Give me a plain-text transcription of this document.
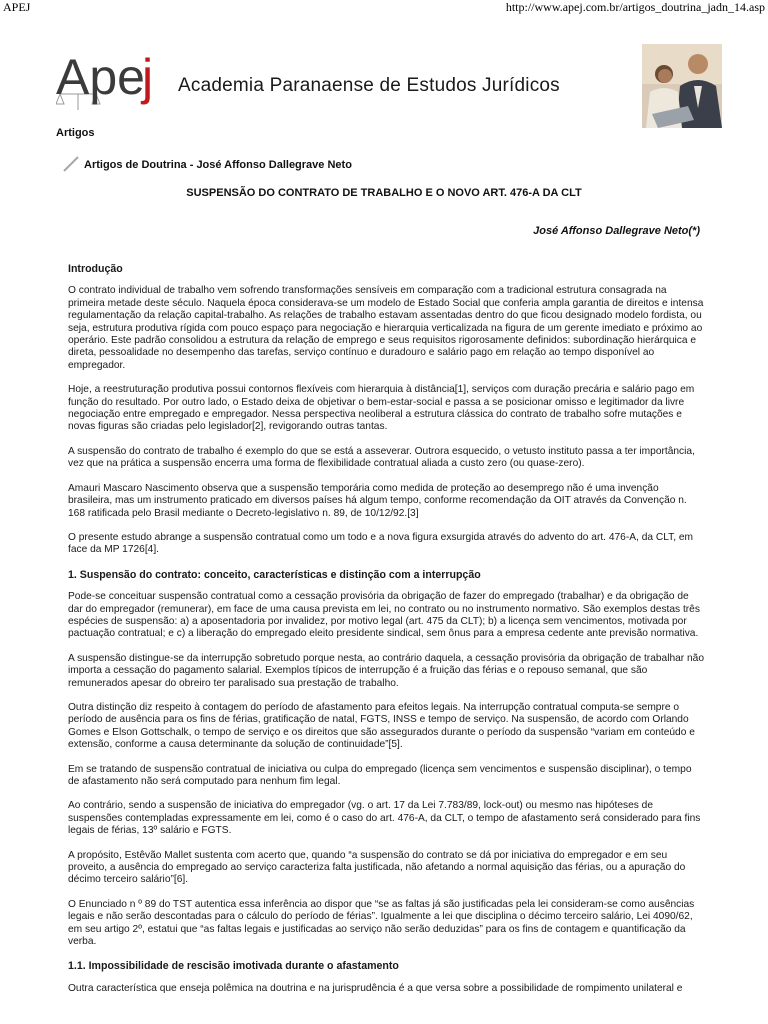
APEJ	http://www.apej.com.br/artigos_doutrina_jadn_14.asp
Ape
j Academia Paranaense de Estudos Jurídicos
Artigos
Artigos de Doutrina - José Affonso Dallegrave Neto
SUSPENSÃO DO CONTRATO DE TRABALHO E O NOVO ART. 476-A DA CLT
José Affonso Dallegrave Neto(*)
Introdução

O contrato individual de trabalho vem sofrendo transformações sensíveis em comparação com a tradicional estrutura consagrada na primeira metade deste século. Naquela época considerava-se um modelo de Estado Social que conferia ampla garantia de direitos e intensa regulamentação da relação capital-trabalho. As relações de trabalho estavam assentadas dentro do que ficou designado modelo fordista, ou seja, estrutura produtiva rígida com pouco espaço para negociação e hierarquia verticalizada na figura de um gerente imediato e próximo ao operário. Este padrão consolidou a estrutura da relação de emprego e seus requisitos rigorosamente definidos: subordinação hierárquica e direta, pessoalidade no desempenho das tarefas, serviço contínuo e duradouro e salário pago em relação ao tempo disponível ao empregador.

Hoje, a reestruturação produtiva possui contornos flexíveis com hierarquia à distância[1], serviços com duração precária e salário pago em função do resultado. Por outro lado, o Estado deixa de objetivar o bem-estar-social e passa a se posicionar omisso e legitimador da livre negociação entre empregado e empregador. Nessa perspectiva neoliberal a estrutura clássica do contrato de trabalho sofre mutações e novas figuras são criadas pelo legislador[2], revigorando outras tantas.

A suspensão do contrato de trabalho é exemplo do que se está a asseverar. Outrora esquecido, o vetusto instituto passa a ter importância, vez que na prática a suspensão encerra uma forma de flexibilidade contratual aliada a custo zero (ou quase-zero).

Amauri Mascaro Nascimento observa que a suspensão temporária como medida de proteção ao desemprego não é uma invenção brasileira, mas um instrumento praticado em diversos países há algum tempo, conforme recomendação da OIT através da Convenção n. 168 ratificada pelo Brasil mediante o Decreto-legislativo n. 89, de 10/12/92.[3]

O presente estudo abrange a suspensão contratual como um todo e a nova figura exsurgida através do advento do art. 476-A, da CLT, em face da MP 1726[4].

1. Suspensão do contrato: conceito, características e distinção com a interrupção

Pode-se conceituar suspensão contratual como a cessação provisória da obrigação de fazer do empregado (trabalhar) e da obrigação de dar do empregador (remunerar), em face de uma causa prevista em lei, no contrato ou no instrumento normativo. São exemplos destas três espécies de suspensão: a) a aposentadoria por invalidez, por motivo legal (art. 475 da CLT); b) a licença sem vencimentos, motivada por pactuação contratual; e c) a liberação do empregado eleito presidente sindical, sem ônus para a empresa cedente ante previsão normativa.

A suspensão distingue-se da interrupção sobretudo porque nesta, ao contrário daquela, a cessação provisória da obrigação de trabalhar não importa a cessação do pagamento salarial. Exemplos típicos de interrupção é a fruição das férias e o repouso semanal, que são remunerados apesar do obreiro ter paralisado sua prestação de trabalho.

Outra distinção diz respeito à contagem do período de afastamento para efeitos legais. Na interrupção contratual computa-se sempre o período de ausência para os fins de férias, gratificação de natal, FGTS, INSS e tempo de serviço. Na suspensão, de acordo com Orlando Gomes e Elson Gottschalk, o tempo de serviço e os direitos que são assegurados durante o período da suspensão “variam em conteúdo e extensão, conforme a causa determinante da solução de continuidade”[5].

Em se tratando de suspensão contratual de iniciativa ou culpa do empregado (licença sem vencimentos e suspensão disciplinar), o tempo de afastamento não será computado para nenhum fim legal.

Ao contrário, sendo a suspensão de iniciativa do empregador (vg. o art. 17 da Lei 7.783/89, lock-out) ou mesmo nas hipóteses de suspensões contempladas expressamente em lei, como é o caso do art. 476-A, da CLT, o tempo de afastamento será considerado para fins legais de férias, 13º salário e FGTS.

A propósito, Estêvão Mallet sustenta com acerto que, quando “a suspensão do contrato se dá por iniciativa do empregador e em seu proveito, a ausência do empregado ao serviço caracteriza falta justificada, não afetando a normal aquisição das férias, ou a apuração do décimo terceiro salário”[6].

O Enunciado n º 89 do TST autentica essa inferência ao dispor que “se as faltas já são justificadas pela lei consideram-se como ausências legais e não serão descontadas para o cálculo do período de férias”. Igualmente a lei que disciplina o décimo terceiro salário, Lei 4090/62, em seu artigo 2º, estatui que “as faltas legais e justificadas ao serviço não serão deduzidas” para os fins de contagem e quantificação da verba.

1.1. Impossibilidade de rescisão imotivada durante o afastamento

Outra característica que enseja polêmica na doutrina e na jurisprudência é a que versa sobre a possibilidade de rompimento unilateral e
